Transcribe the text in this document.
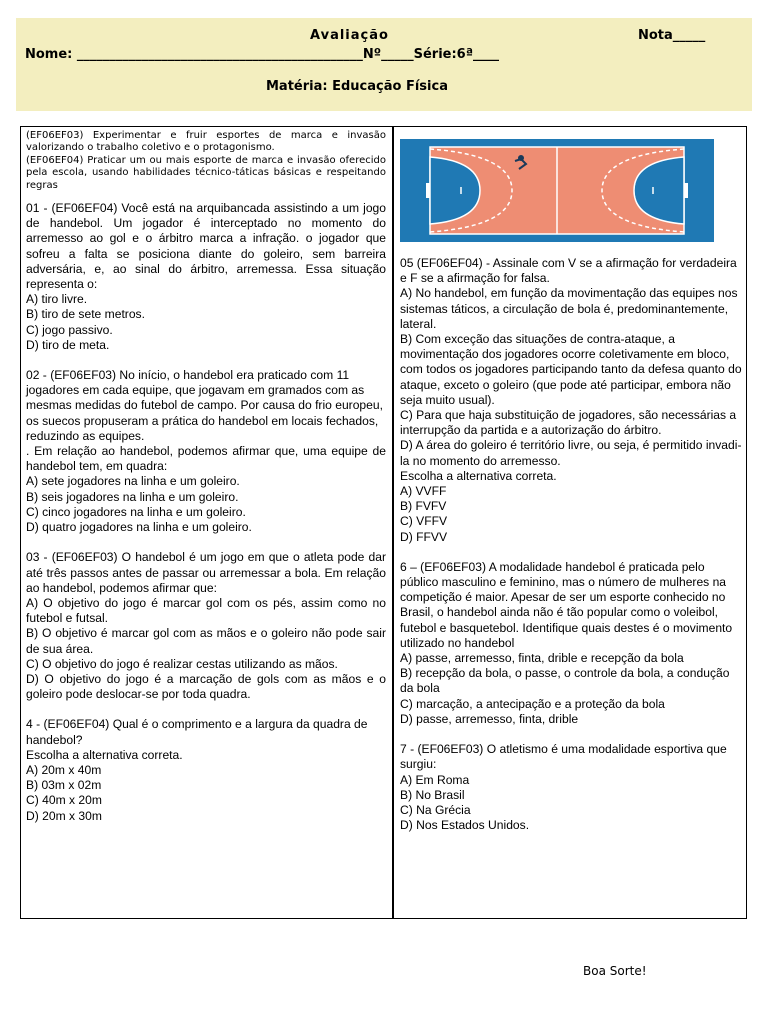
Avaliação	Nota_____
Nome: ____________________________________________Nº_____Série:6ª____
Matéria: Educação Física

(EF06EF03) Experimentar e fruir esportes de marca e invasão valorizando o trabalho coletivo e o protagonismo.

(EF06EF04) Praticar um ou mais esporte de marca e invasão oferecido pela escola, usando habilidades técnico-táticas básicas e respeitando regras

01 - (EF06EF04) Você está na arquibancada assistindo a um jogo de handebol. Um jogador é interceptado no momento do arremesso ao gol e o árbitro marca a infração. o jogador que sofreu a falta se posiciona diante do goleiro, sem barreira adversária, e, ao sinal do árbitro, arremessa. Essa situação representa o:

A) tiro livre.

B) tiro de sete metros.

C) jogo passivo.

D) tiro de meta.

02 - (EF06EF03) No início, o handebol era praticado com 11 jogadores em cada equipe, que jogavam em gramados com as mesmas medidas do futebol de campo. Por causa do frio europeu, os suecos propuseram a prática do handebol em locais fechados, reduzindo as equipes.

. Em relação ao handebol, podemos afirmar que, uma equipe de handebol tem, em quadra:

A) sete jogadores na linha e um goleiro.

B) seis jogadores na linha e um goleiro.

C) cinco jogadores na linha e um goleiro.

D) quatro jogadores na linha e um goleiro.

03 - (EF06EF03) O handebol é um jogo em que o atleta pode dar até três passos antes de passar ou arremessar a bola. Em relação ao handebol, podemos afirmar que:

A) O objetivo do jogo é marcar gol com os pés, assim como no futebol e futsal.

B) O objetivo é marcar gol com as mãos e o goleiro não pode sair de sua área.

C) O objetivo do jogo é realizar cestas utilizando as mãos.

D) O objetivo do jogo é a marcação de gols com as mãos e o goleiro pode deslocar-se por toda quadra.

4 - (EF06EF04) Qual é o comprimento e a largura da quadra de handebol?

Escolha a alternativa correta.

A) 20m x 40m

B) 03m x 02m

C) 40m x 20m

D) 20m x 30m

05 (EF06EF04) - Assinale com V se a afirmação for verdadeira e F se a afirmação for falsa.

A) No handebol, em função da movimentação das equipes nos sistemas táticos, a circulação de bola é, predominantemente, lateral.

B) Com exceção das situações de contra-ataque, a movimentação dos jogadores ocorre coletivamente em bloco, com todos os jogadores participando tanto da defesa quanto do ataque, exceto o goleiro (que pode até participar, embora não seja muito usual).

C) Para que haja substituição de jogadores, são necessárias a interrupção da partida e a autorização do árbitro.

D) A área do goleiro é território livre, ou seja, é permitido invadi-la no momento do arremesso.

Escolha a alternativa correta.

A) VVFF

B) FVFV

C) VFFV

D) FFVV

6 – (EF06EF03) A modalidade handebol é praticada pelo público masculino e feminino, mas o número de mulheres na competição é maior. Apesar de ser um esporte conhecido no Brasil, o handebol ainda não é tão popular como o voleibol, futebol e basquetebol. Identifique quais destes é o movimento utilizado no handebol

A) passe, arremesso, finta, drible e recepção da bola

B) recepção da bola, o passe, o controle da bola, a condução da bola

C) marcação, a antecipação e a proteção da bola

D) passe, arremesso, finta, drible

7 - (EF06EF03) O atletismo é uma modalidade esportiva que surgiu:

A) Em Roma

B) No Brasil

C) Na Grécia

D) Nos Estados Unidos.

Boa Sorte!
